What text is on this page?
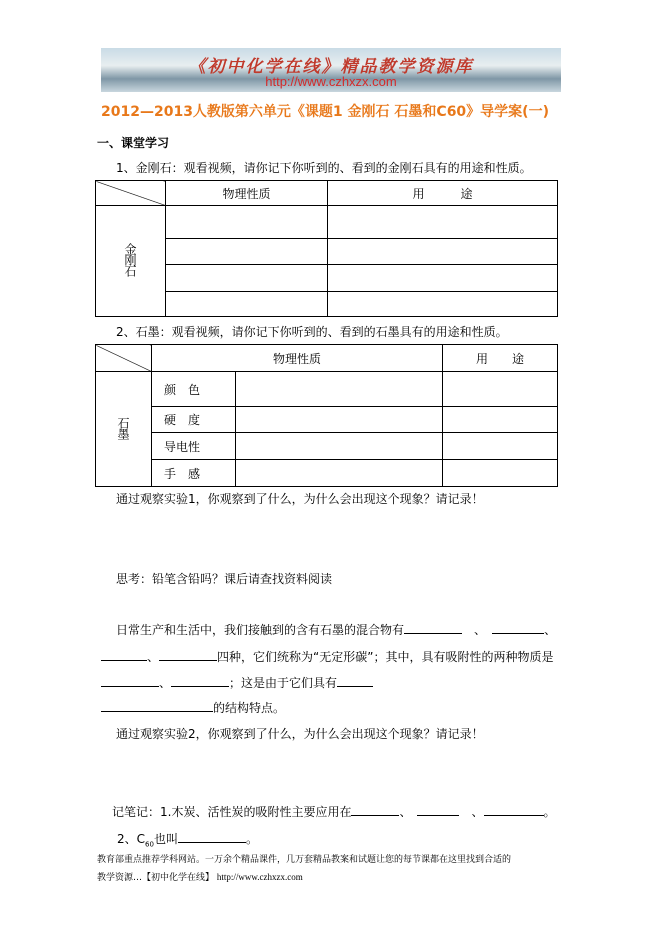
《初中化学在线》精品教学资源库
http://www.czhxzx.com
2012—2013人教版第六单元《课题1 金刚石 石墨和C60》导学案(一)
一、课堂学习
1、金刚石：观看视频，请你记下你听到的、看到的金刚石具有的用途和性质。
	物理性质	用　　　途
金刚石		

2、石墨：观看视频，请你记下你听到的、看到的石墨具有的用途和性质。
	物理性质		用　　途
石墨	颜　色		
	硬　度		
	导电性		
	手　感		
通过观察实验1，你观察到了什么，为什么会出现这个现象？请记录！
思考：铅笔含铅吗？课后请查找资料阅读
日常生产和生活中，我们接触到的含有石墨的混合物有　	、　	、
、	四种，它们统称为“无定形碳”；其中，具有吸附性的两种物质是
、	；这是由于它们具有
的结构特点。
通过观察实验2，你观察到了什么，为什么会出现这个现象？请记录！
记笔记：1.木炭、活性炭的吸附性主要应用在	、　　	、	。
2、$C_{60}$也叫	。
教育部重点推荐学科网站。一万余个精品课件，几万套精品教案和试题让您的每节课都在这里找到合适的
教学资源…【初中化学在线】 http://www.czhxzx.com
